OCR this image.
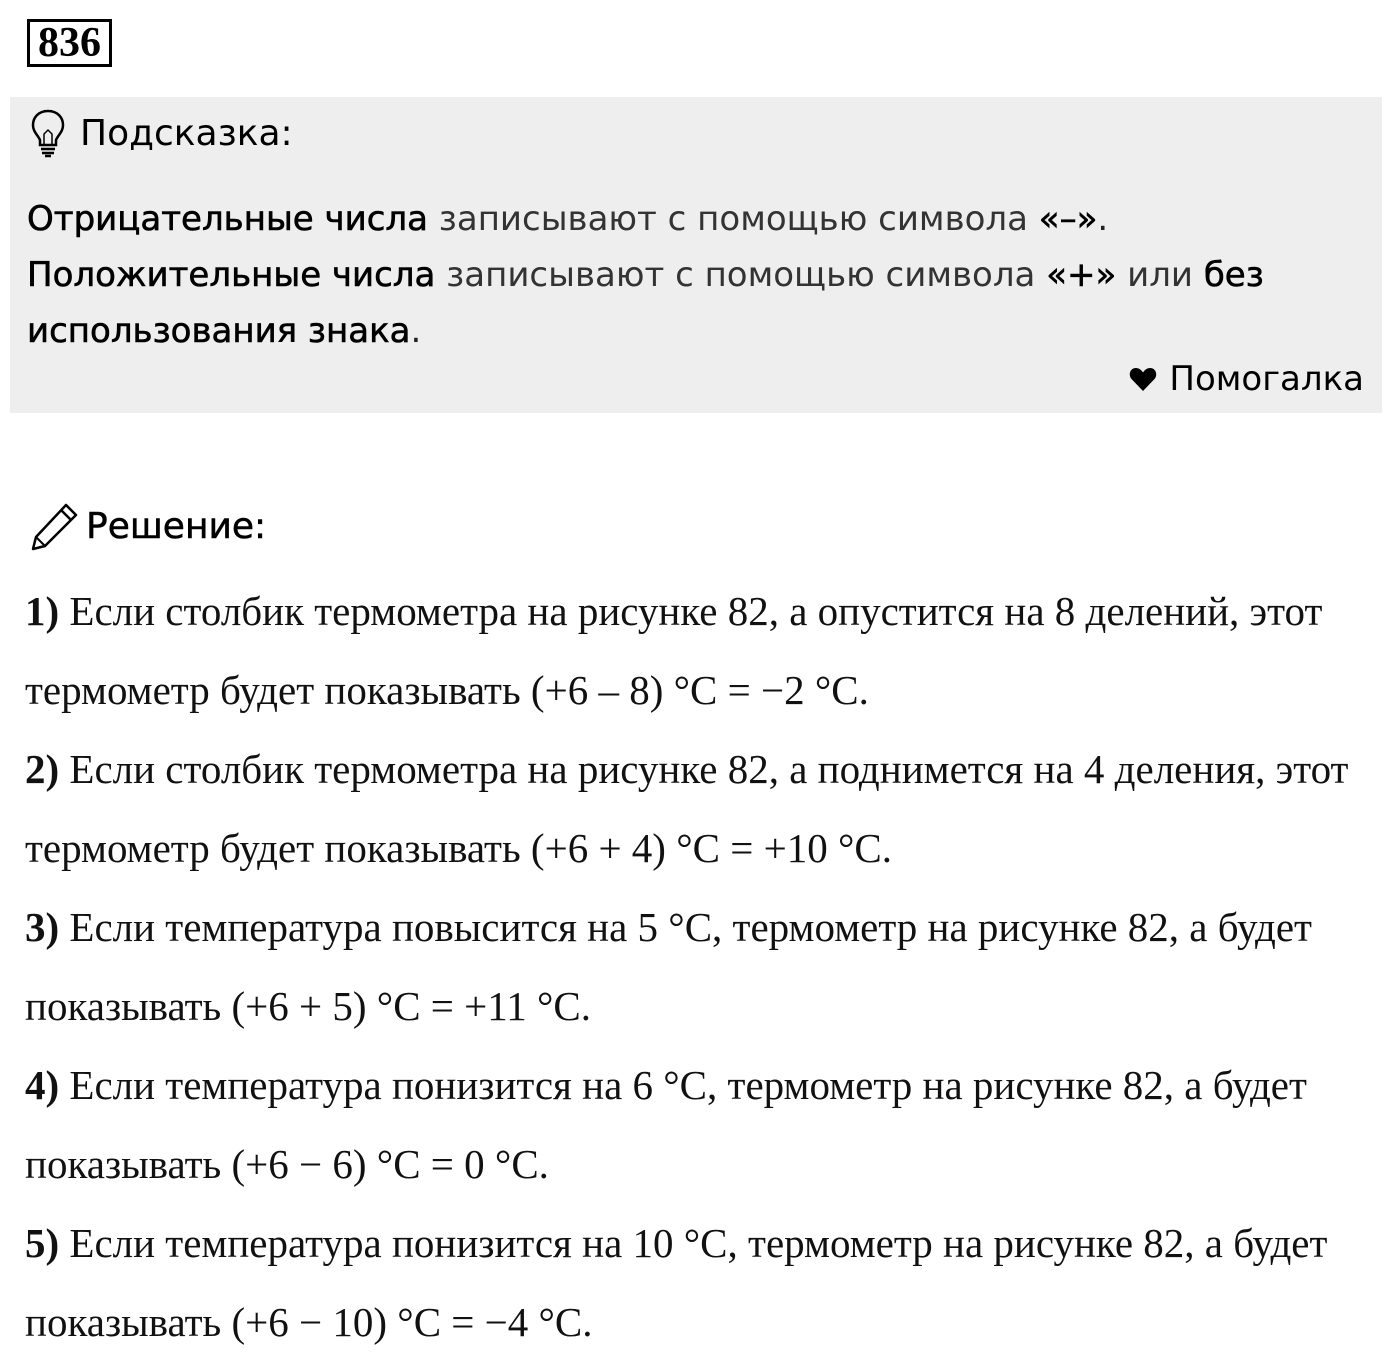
836
Подсказка:
Отрицательные числа записывают с помощью символа «–».
Положительные числа записывают с помощью символа «+» или без
использования знака.
Помогалка
Решение:

1) Если столбик термометра на рисунке 82, а опустится на 8 делений, этот термометр будет показывать (+6 – 8) °С = −2 °С.

2) Если столбик термометра на рисунке 82, а поднимется на 4 деления, этот термометр будет показывать (+6 + 4) °С = +10 °С.

3) Если температура повысится на 5 °С, термометр на рисунке 82, а будет показывать (+6 + 5) °С = +11 °С.

4) Если температура понизится на 6 °С, термометр на рисунке 82, а будет показывать (+6 − 6) °С = 0 °С.

5) Если температура понизится на 10 °С, термометр на рисунке 82, а будет показывать (+6 − 10) °С = −4 °С.
